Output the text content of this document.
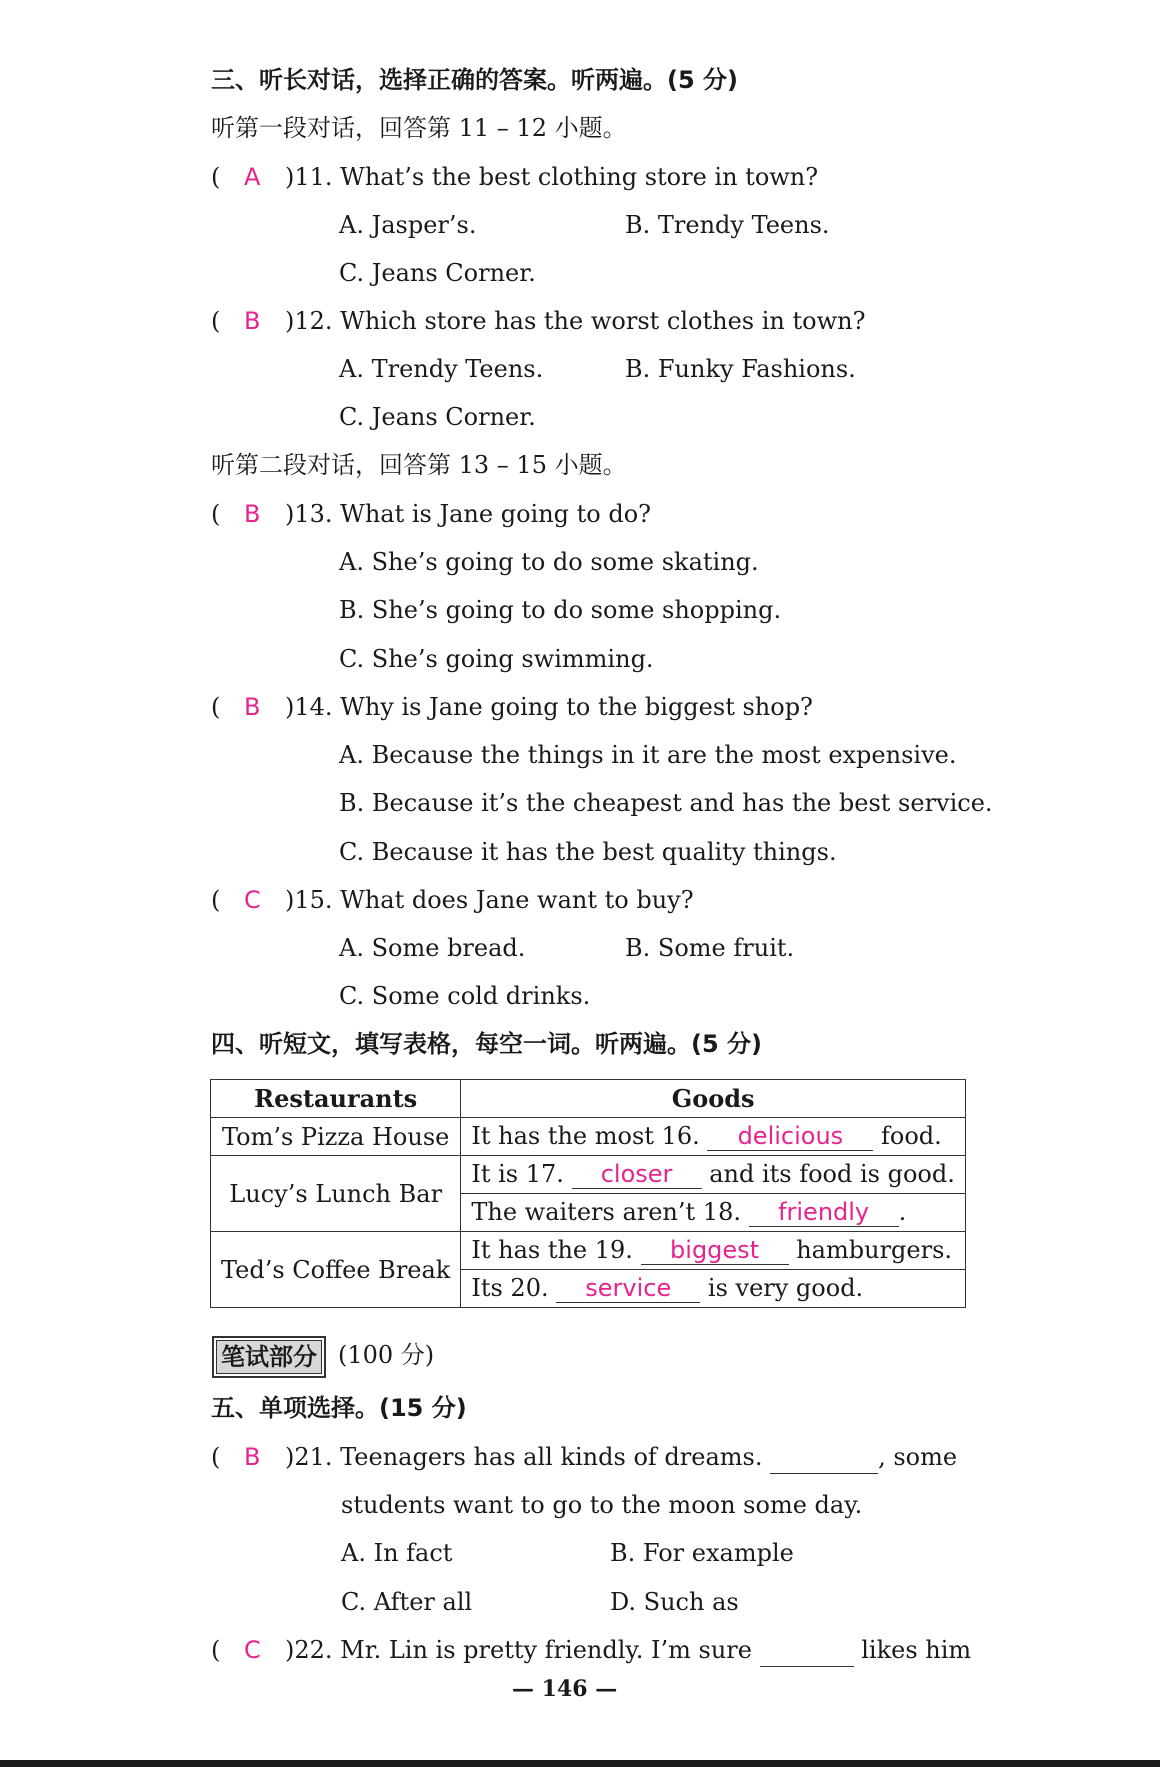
三、听长对话，选择正确的答案。听两遍。(5 分)
听第一段对话，回答第 11 – 12 小题。
( A )11. What’s the best clothing store in town?
A. Jasper’s.	B. Trendy Teens.
C. Jeans Corner.
( B )12. Which store has the worst clothes in town?
A. Trendy Teens.	B. Funky Fashions.
C. Jeans Corner.
听第二段对话，回答第 13 – 15 小题。
( B )13. What is Jane going to do?
A. She’s going to do some skating.
B. She’s going to do some shopping.
C. She’s going swimming.
( B )14. Why is Jane going to the biggest shop?
A. Because the things in it are the most expensive.
B. Because it’s the cheapest and has the best service.
C. Because it has the best quality things.
( C )15. What does Jane want to buy?
A. Some bread.	B. Some fruit.
C. Some cold drinks.
四、听短文，填写表格，每空一词。听两遍。(5 分)
Restaurants	Goods
Tom’s Pizza House	It has the most 16. delicious food.
Lucy’s Lunch Bar	It is 17. closer and its food is good.
	The waiters aren’t 18. friendly .
Ted’s Coffee Break	It has the 19. biggest hamburgers.
	Its 20. service is very good.
笔试部分 (100 分)
五、单项选择。(15 分)
( B )21. Teenagers has all kinds of dreams.	, some
students want to go to the moon some day.
A. In fact	B. For example
C. After all	D. Such as
( C )22. Mr. Lin is pretty friendly. I’m sure	likes him
— 146 —
